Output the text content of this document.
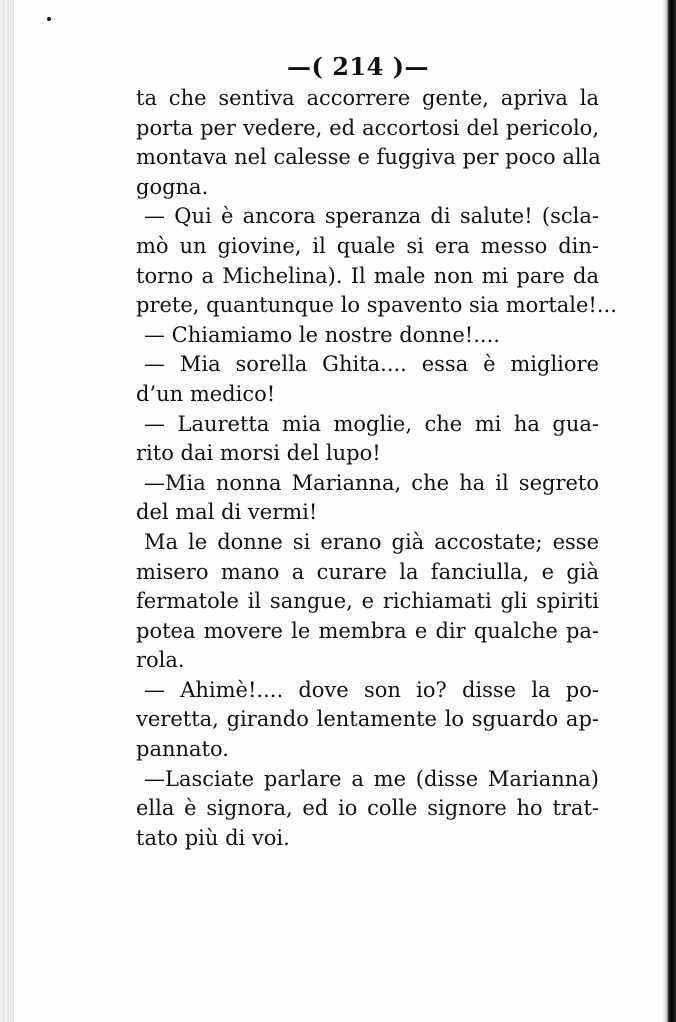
—( 214 )—
ta che sentiva accorrere gente, apriva la
porta per vedere, ed accortosi del pericolo,
montava nel calesse e fuggiva per poco alla
gogna.
— Qui è ancora speranza di salute! (scla-
mò un giovine, il quale si era messo din-
torno a Michelina). Il male non mi pare da
prete, quantunque lo spavento sia mortale!...
— Chiamiamo le nostre donne!....
— Mia sorella Ghita.... essa è migliore
d’un medico!
— Lauretta mia moglie, che mi ha gua-
rito dai morsi del lupo!
—Mia nonna Marianna, che ha il segreto
del mal di vermi!
Ma le donne si erano già accostate; esse
misero mano a curare la fanciulla, e già
fermatole il sangue, e richiamati gli spiriti
potea movere le membra e dir qualche pa-
rola.
— Ahimè!.... dove son io? disse la po-
veretta, girando lentamente lo sguardo ap-
pannato.
—Lasciate parlare a me (disse Marianna)
ella è signora, ed io colle signore ho trat-
tato più di voi.
